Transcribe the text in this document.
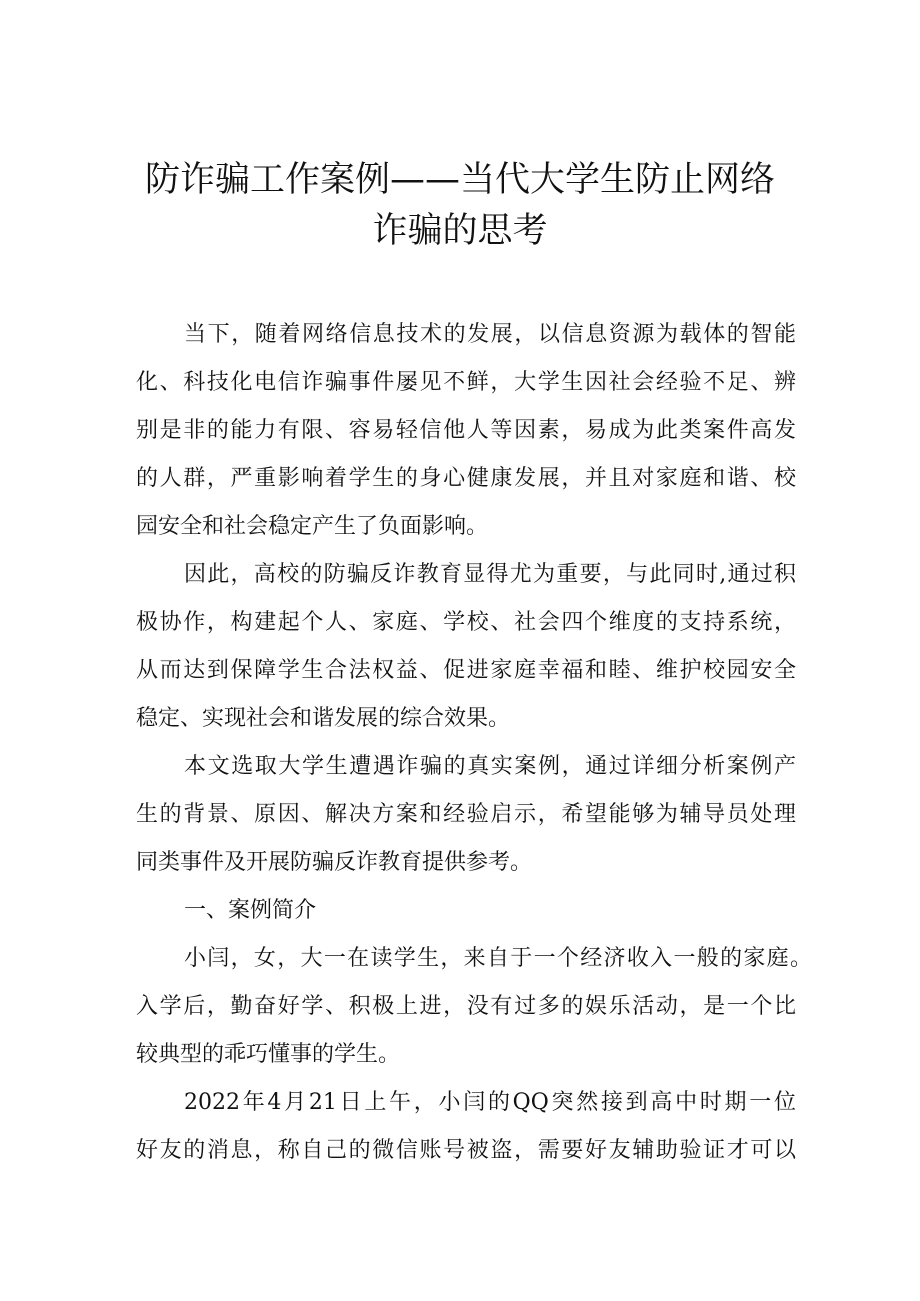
防诈骗工作案例——当代大学生防止网络
诈骗的思考

当下，随着网络信息技术的发展，以信息资源为载体的智能
化、科技化电信诈骗事件屡见不鲜，大学生因社会经验不足、辨
别是非的能力有限、容易轻信他人等因素，易成为此类案件高发
的人群，严重影响着学生的身心健康发展，并且对家庭和谐、校
园安全和社会稳定产生了负面影响。

因此，高校的防骗反诈教育显得尤为重要，与此同时,通过积
极协作，构建起个人、家庭、学校、社会四个维度的支持系统，
从而达到保障学生合法权益、促进家庭幸福和睦、维护校园安全
稳定、实现社会和谐发展的综合效果。

本文选取大学生遭遇诈骗的真实案例，通过详细分析案例产
生的背景、原因、解决方案和经验启示，希望能够为辅导员处理
同类事件及开展防骗反诈教育提供参考。

一、案例简介

小闫，女，大一在读学生，来自于一个经济收入一般的家庭。
入学后，勤奋好学、积极上进，没有过多的娱乐活动，是一个比
较典型的乖巧懂事的学生。

2022年4月21日上午，小闫的QQ突然接到高中时期一位
好友的消息，称自己的微信账号被盗，需要好友辅助验证才可以
